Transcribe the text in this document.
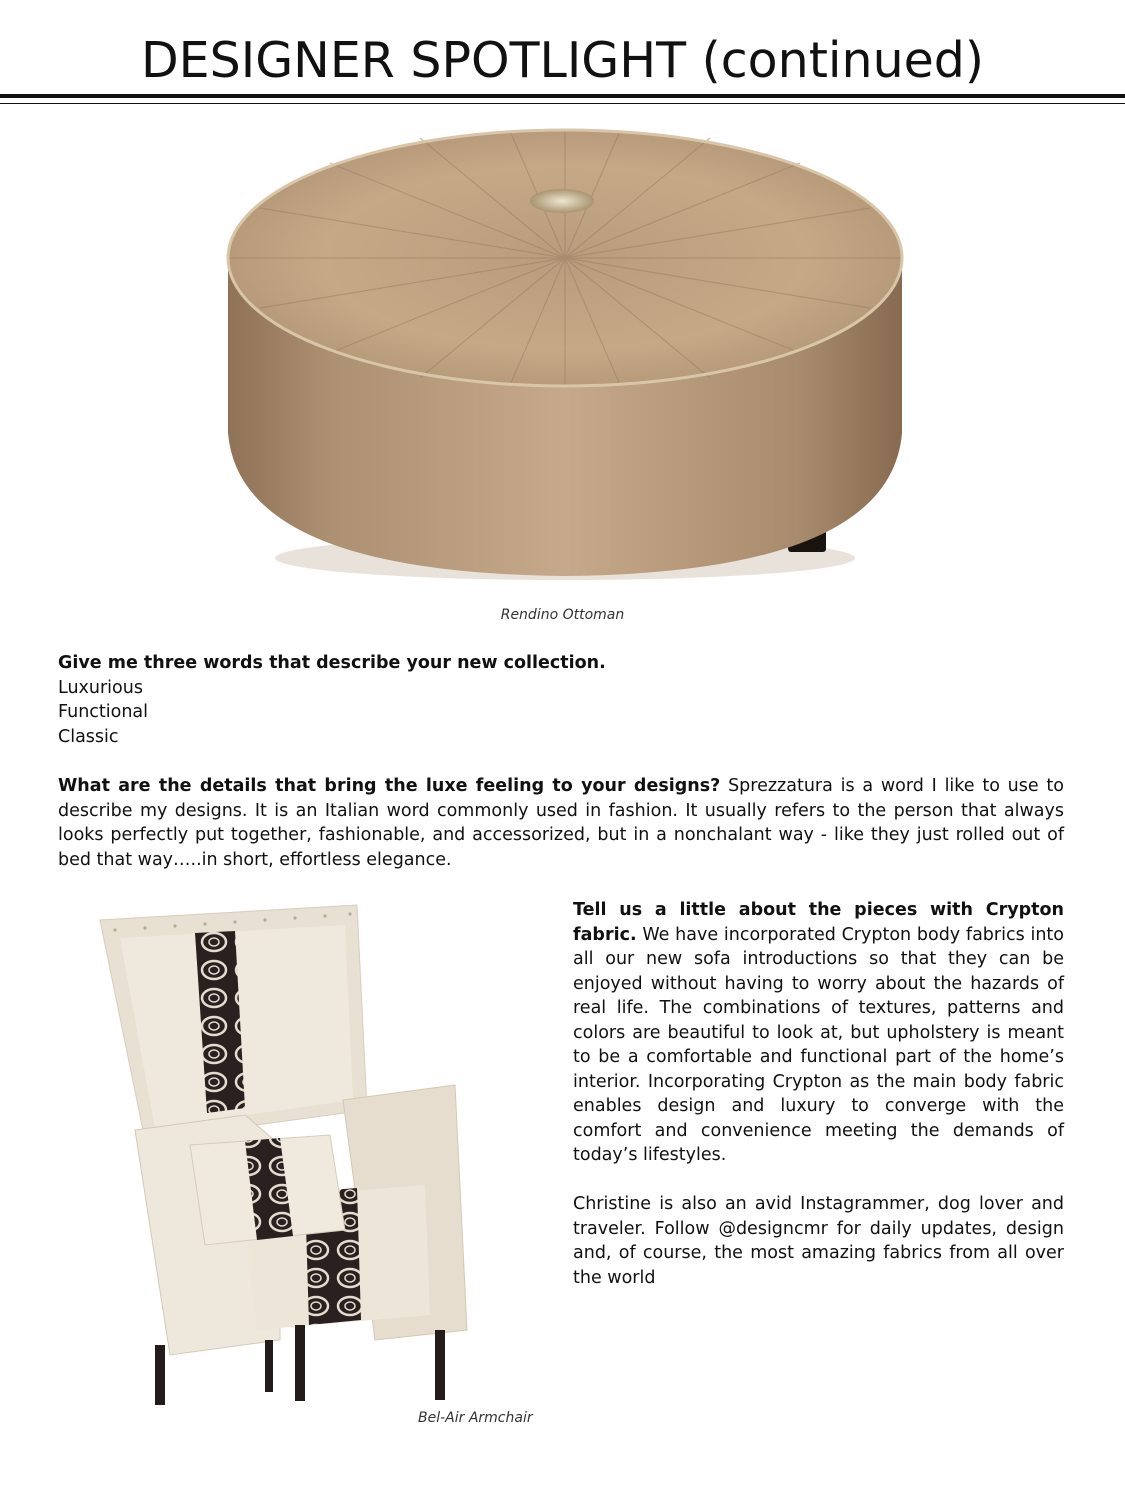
DESIGNER SPOTLIGHT (continued)
Rendino Ottoman

Give me three words that describe your new collection.

Luxurious

Functional

Classic

What are the details that bring the luxe feeling to your designs? Sprezzatura is a word I like to use to describe my designs. It is an Italian word commonly used in fashion. It usually refers to the person that always looks perfectly put together, fashionable, and accessorized, but in a nonchalant way - like they just rolled out of bed that way…..in short, effortless elegance.

Bel-Air Armchair

Tell us a little about the pieces with Crypton fabric. We have incorporated Crypton body fabrics into all our new sofa introductions so that they can be enjoyed without having to worry about the hazards of real life. The combinations of textures, patterns and colors are beautiful to look at, but upholstery is meant to be a comfortable and functional part of the home’s interior. Incorporating Crypton as the main body fabric enables design and luxury to converge with the comfort and convenience meeting the demands of today’s lifestyles.

Christine is also an avid Instagrammer, dog lover and traveler. Follow @designcmr for daily updates, design and, of course, the most amazing fabrics from all over the world
